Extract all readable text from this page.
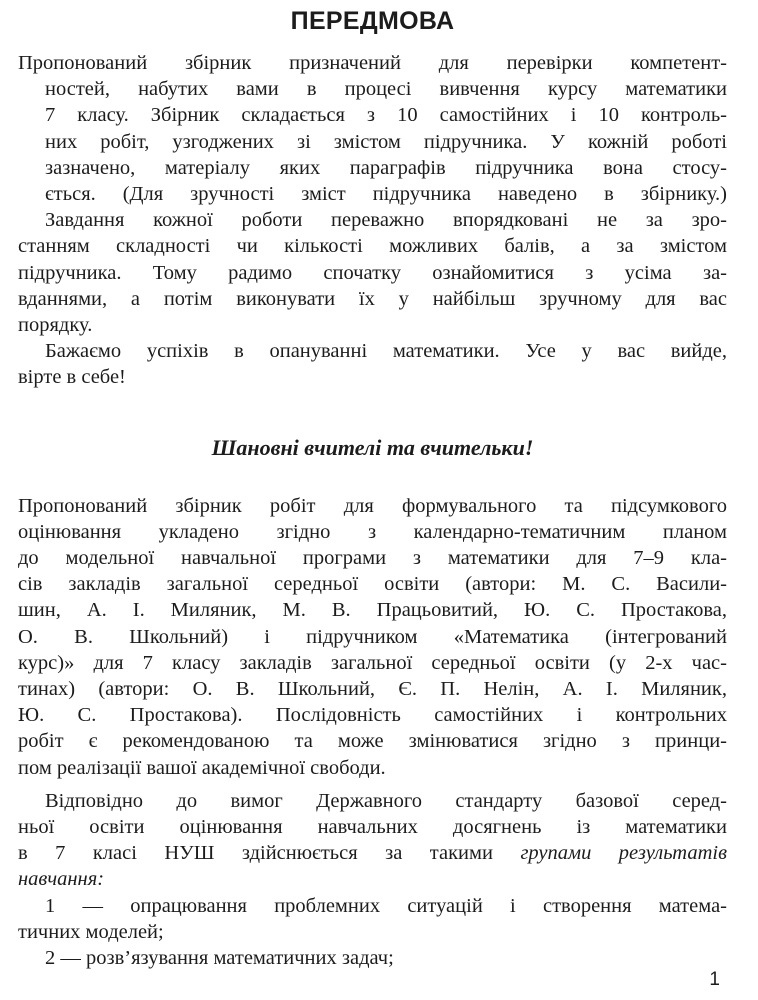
ПЕРЕДМОВА

Пропонований збірник призначений для перевірки компетент-
ностей, набутих вами в процесі вивчення курсу математики
7 класу. Збірник складається з 10 самостійних і 10 контроль-
них робіт, узгоджених зі змістом підручника. У кожній роботі
зазначено, матеріалу яких параграфів підручника вона стосу-
ється. (Для зручності зміст підручника наведено в збірнику.)

Завдання кожної роботи переважно впорядковані не за зро-
станням складності чи кількості можливих балів, а за змістом
підручника. Тому радимо спочатку ознайомитися з усіма за-
вданнями, а потім виконувати їх у найбільш зручному для вас
порядку.

Бажаємо успіхів в опануванні математики. Усе у вас вийде,
вірте в себе!

Шановні вчителі та вчительки!

Пропонований збірник робіт для формувального та підсумкового
оцінювання укладено згідно з календарно-тематичним планом
до модельної навчальної програми з математики для 7–9 кла-
сів закладів загальної середньої освіти (автори: М. С. Васили-
шин, А. І. Миляник, М. В. Працьовитий, Ю. С. Простакова,
О. В. Школьний) і підручником «Математика (інтегрований
курс)» для 7 класу закладів загальної середньої освіти (у 2-х час-
тинах) (автори: О. В. Школьний, Є. П. Нелін, А. І. Миляник,
Ю. С. Простакова). Послідовність самостійних і контрольних
робіт є рекомендованою та може змінюватися згідно з принци-
пом реалізації вашої академічної свободи.

Відповідно до вимог Державного стандарту базової серед-
ньої освіти оцінювання навчальних досягнень із математики
в 7 класі НУШ здійснюється за такими групами результатів
навчання:

1 — опрацювання проблемних ситуацій і створення матема-
тичних моделей;

2 — розв’язування математичних задач;

1
